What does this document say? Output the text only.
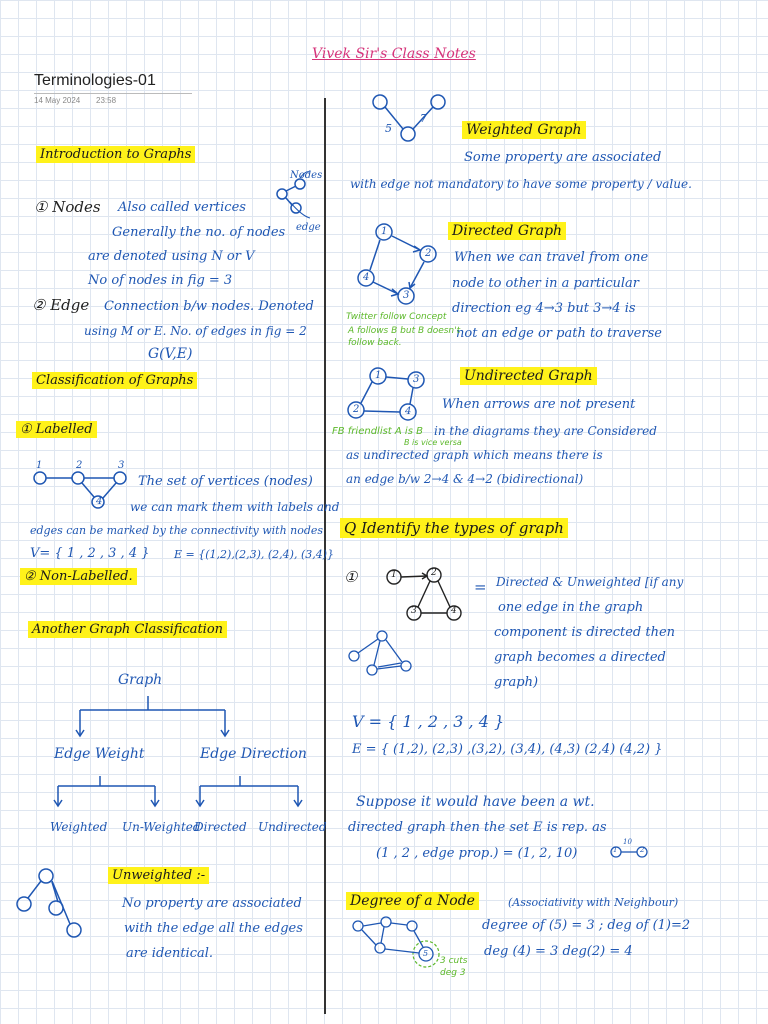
Vivek Sir's Class Notes
Terminologies-01
14 May 2024 23:58
Introduction to Graphs
Nodes
edge
① Nodes Also called vertices
Generally the no. of nodes
are denoted using N or V
No of nodes in fig = 3
② Edge Connection b/w nodes. Denoted
using M or E. No. of edges in fig = 2
G(V,E)
Classification of Graphs
① Labelled
1	2	3
4
The set of vertices (nodes)
we can mark them with labels and
edges can be marked by the connectivity with nodes
V= { 1 , 2 , 3 , 4 } E = {(1,2),(2,3), (2,4), (3,4)}
② Non-Labelled.
Another Graph Classification
Graph
Edge Weight	Edge Direction
Weighted Un-Weighted
Directed Undirected
Unweighted :-
No property are associated
with the edge all the edges
are identical.
5
7
Weighted Graph
Some property are associated
with edge not mandatory to have some property / value.
1
2
4
3
Directed Graph
When we can travel from one
node to other in a particular
direction eg 4→3 but 3→4 is
not an edge or path to traverse
Twitter follow Concept
A follows B but B doesn't
follow back.
1	3
2	4
Undirected Graph
When arrows are not present
in the diagrams they are Considered
as undirected graph which means there is
an edge b/w 2→4 & 4→2 (bidirectional)
FB friendlist A is B
B is vice versa
Q Identify the types of graph
①	1	2
3	4
= Directed & Unweighted [if any
one edge in the graph
component is directed then
graph becomes a directed
graph)
V = { 1 , 2 , 3 , 4 }
E = { (1,2), (2,3) ,(3,2), (3,4), (4,3) (2,4) (4,2) }
Suppose it would have been a wt.
directed graph then the set E is rep. as
(1 , 2 , edge prop.) = (1, 2, 10)	1
10
2
Degree of a Node	(Associativity with Neighbour)
5
3 cuts
deg 3
degree of (5) = 3 ; deg of (1)=2
deg (4) = 3 deg(2) = 4
